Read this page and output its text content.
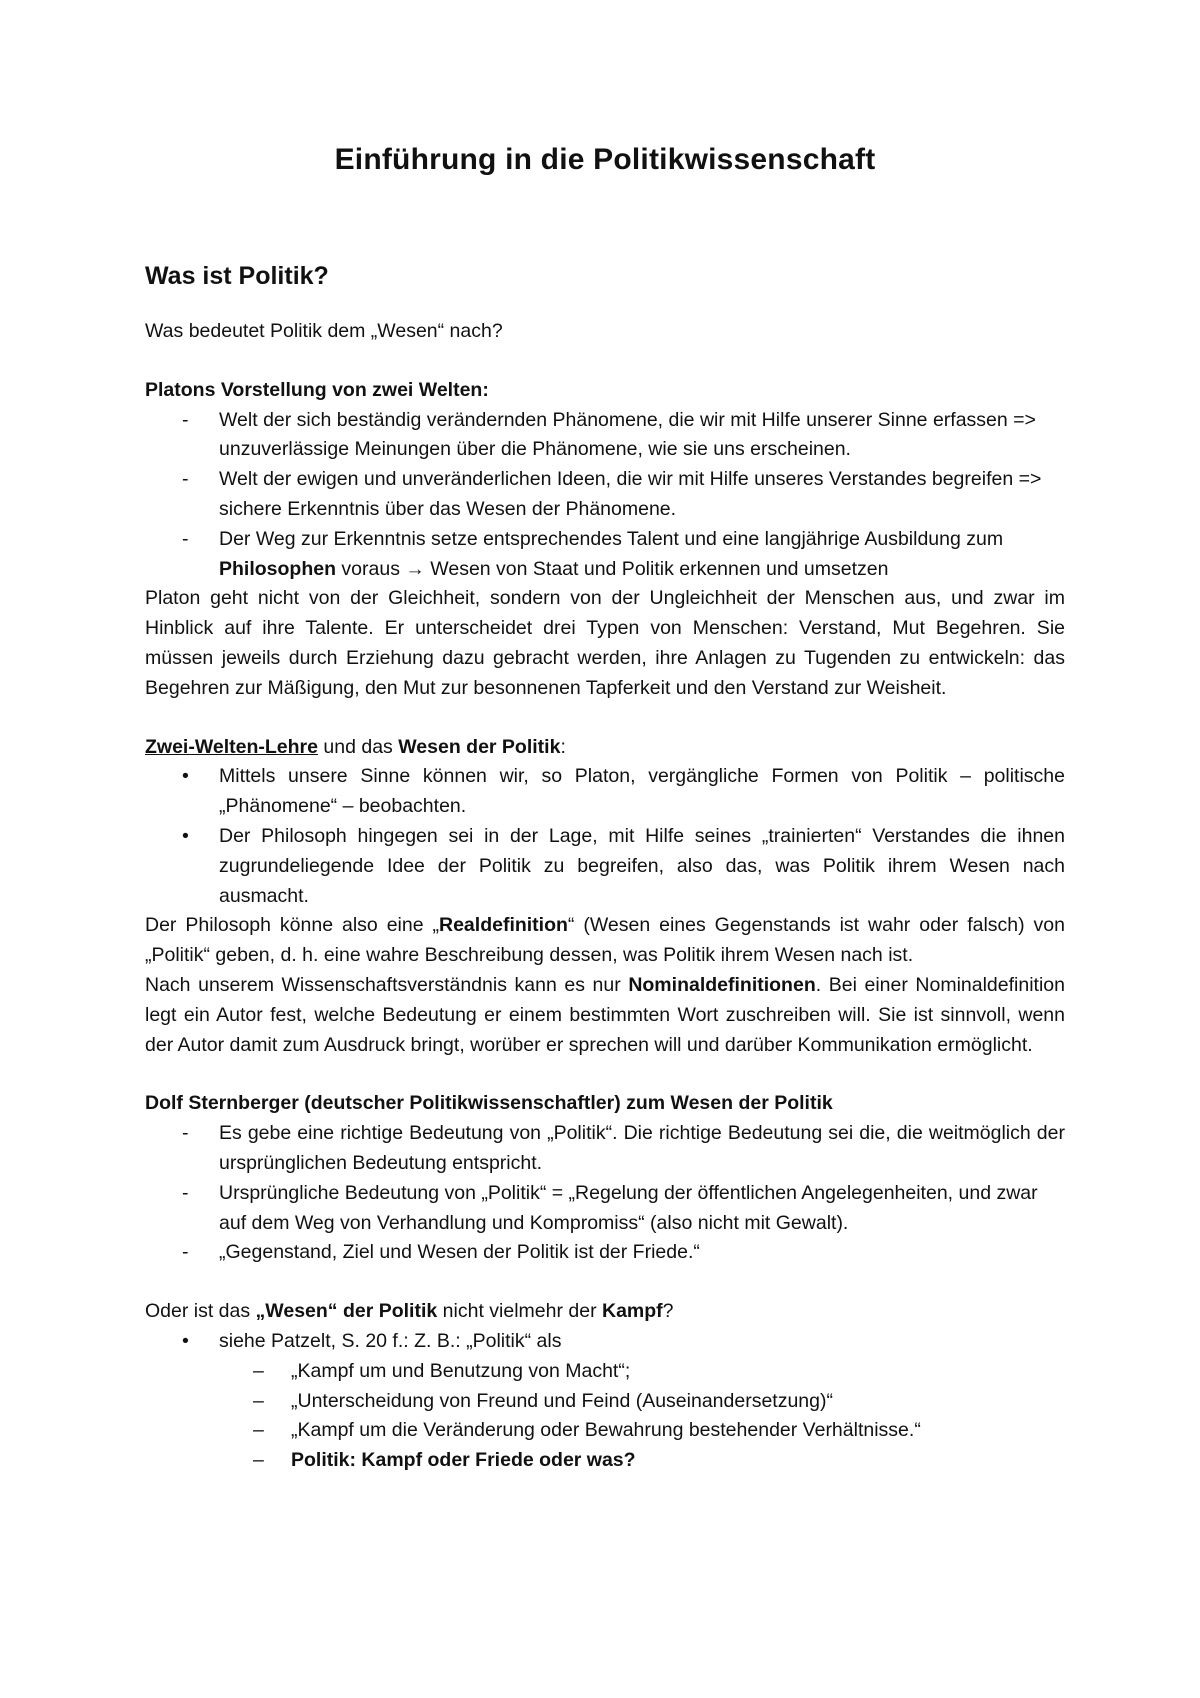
Einführung in die Politikwissenschaft
Was ist Politik?

Was bedeutet Politik dem „Wesen“ nach?

Platons Vorstellung von zwei Welten:

-	Welt der sich beständig verändernden Phänomene, die wir mit Hilfe unserer Sinne erfassen => unzuverlässige Meinungen über die Phänomene, wie sie uns erscheinen.
-	Welt der ewigen und unveränderlichen Ideen, die wir mit Hilfe unseres Verstandes begreifen => sichere Erkenntnis über das Wesen der Phänomene.
-	Der Weg zur Erkenntnis setze entsprechendes Talent und eine langjährige Ausbildung zum Philosophen voraus → Wesen von Staat und Politik erkennen und umsetzen

Platon geht nicht von der Gleichheit, sondern von der Ungleichheit der Menschen aus, und zwar im Hinblick auf ihre Talente. Er unterscheidet drei Typen von Menschen: Verstand, Mut Begehren. Sie müssen jeweils durch Erziehung dazu gebracht werden, ihre Anlagen zu Tugenden zu entwickeln: das Begehren zur Mäßigung, den Mut zur besonnenen Tapferkeit und den Verstand zur Weisheit.

Zwei-Welten-Lehre und das Wesen der Politik:

•	Mittels unsere Sinne können wir, so Platon, vergängliche Formen von Politik – politische „Phänomene“ – beobachten.
•	Der Philosoph hingegen sei in der Lage, mit Hilfe seines „trainierten“ Verstandes die ihnen zugrundeliegende Idee der Politik zu begreifen, also das, was Politik ihrem Wesen nach ausmacht.

Der Philosoph könne also eine „Realdefinition“ (Wesen eines Gegenstands ist wahr oder falsch) von „Politik“ geben, d. h. eine wahre Beschreibung dessen, was Politik ihrem Wesen nach ist.

Nach unserem Wissenschaftsverständnis kann es nur Nominaldefinitionen. Bei einer Nominaldefinition legt ein Autor fest, welche Bedeutung er einem bestimmten Wort zuschreiben will. Sie ist sinnvoll, wenn der Autor damit zum Ausdruck bringt, worüber er sprechen will und darüber Kommunikation ermöglicht.

Dolf Sternberger (deutscher Politikwissenschaftler) zum Wesen der Politik

-	Es gebe eine richtige Bedeutung von „Politik“. Die richtige Bedeutung sei die, die weitmöglich der ursprünglichen Bedeutung entspricht.
-	Ursprüngliche Bedeutung von „Politik“ = „Regelung der öffentlichen Angelegenheiten, und zwar auf dem Weg von Verhandlung und Kompromiss“ (also nicht mit Gewalt).
-	„Gegenstand, Ziel und Wesen der Politik ist der Friede.“

Oder ist das „Wesen“ der Politik nicht vielmehr der Kampf?

•	siehe Patzelt, S. 20 f.: Z. B.: „Politik“ als
–	„Kampf um und Benutzung von Macht“;
–	„Unterscheidung von Freund und Feind (Auseinandersetzung)“
–	„Kampf um die Veränderung oder Bewahrung bestehender Verhältnisse.“
–	Politik: Kampf oder Friede oder was?
